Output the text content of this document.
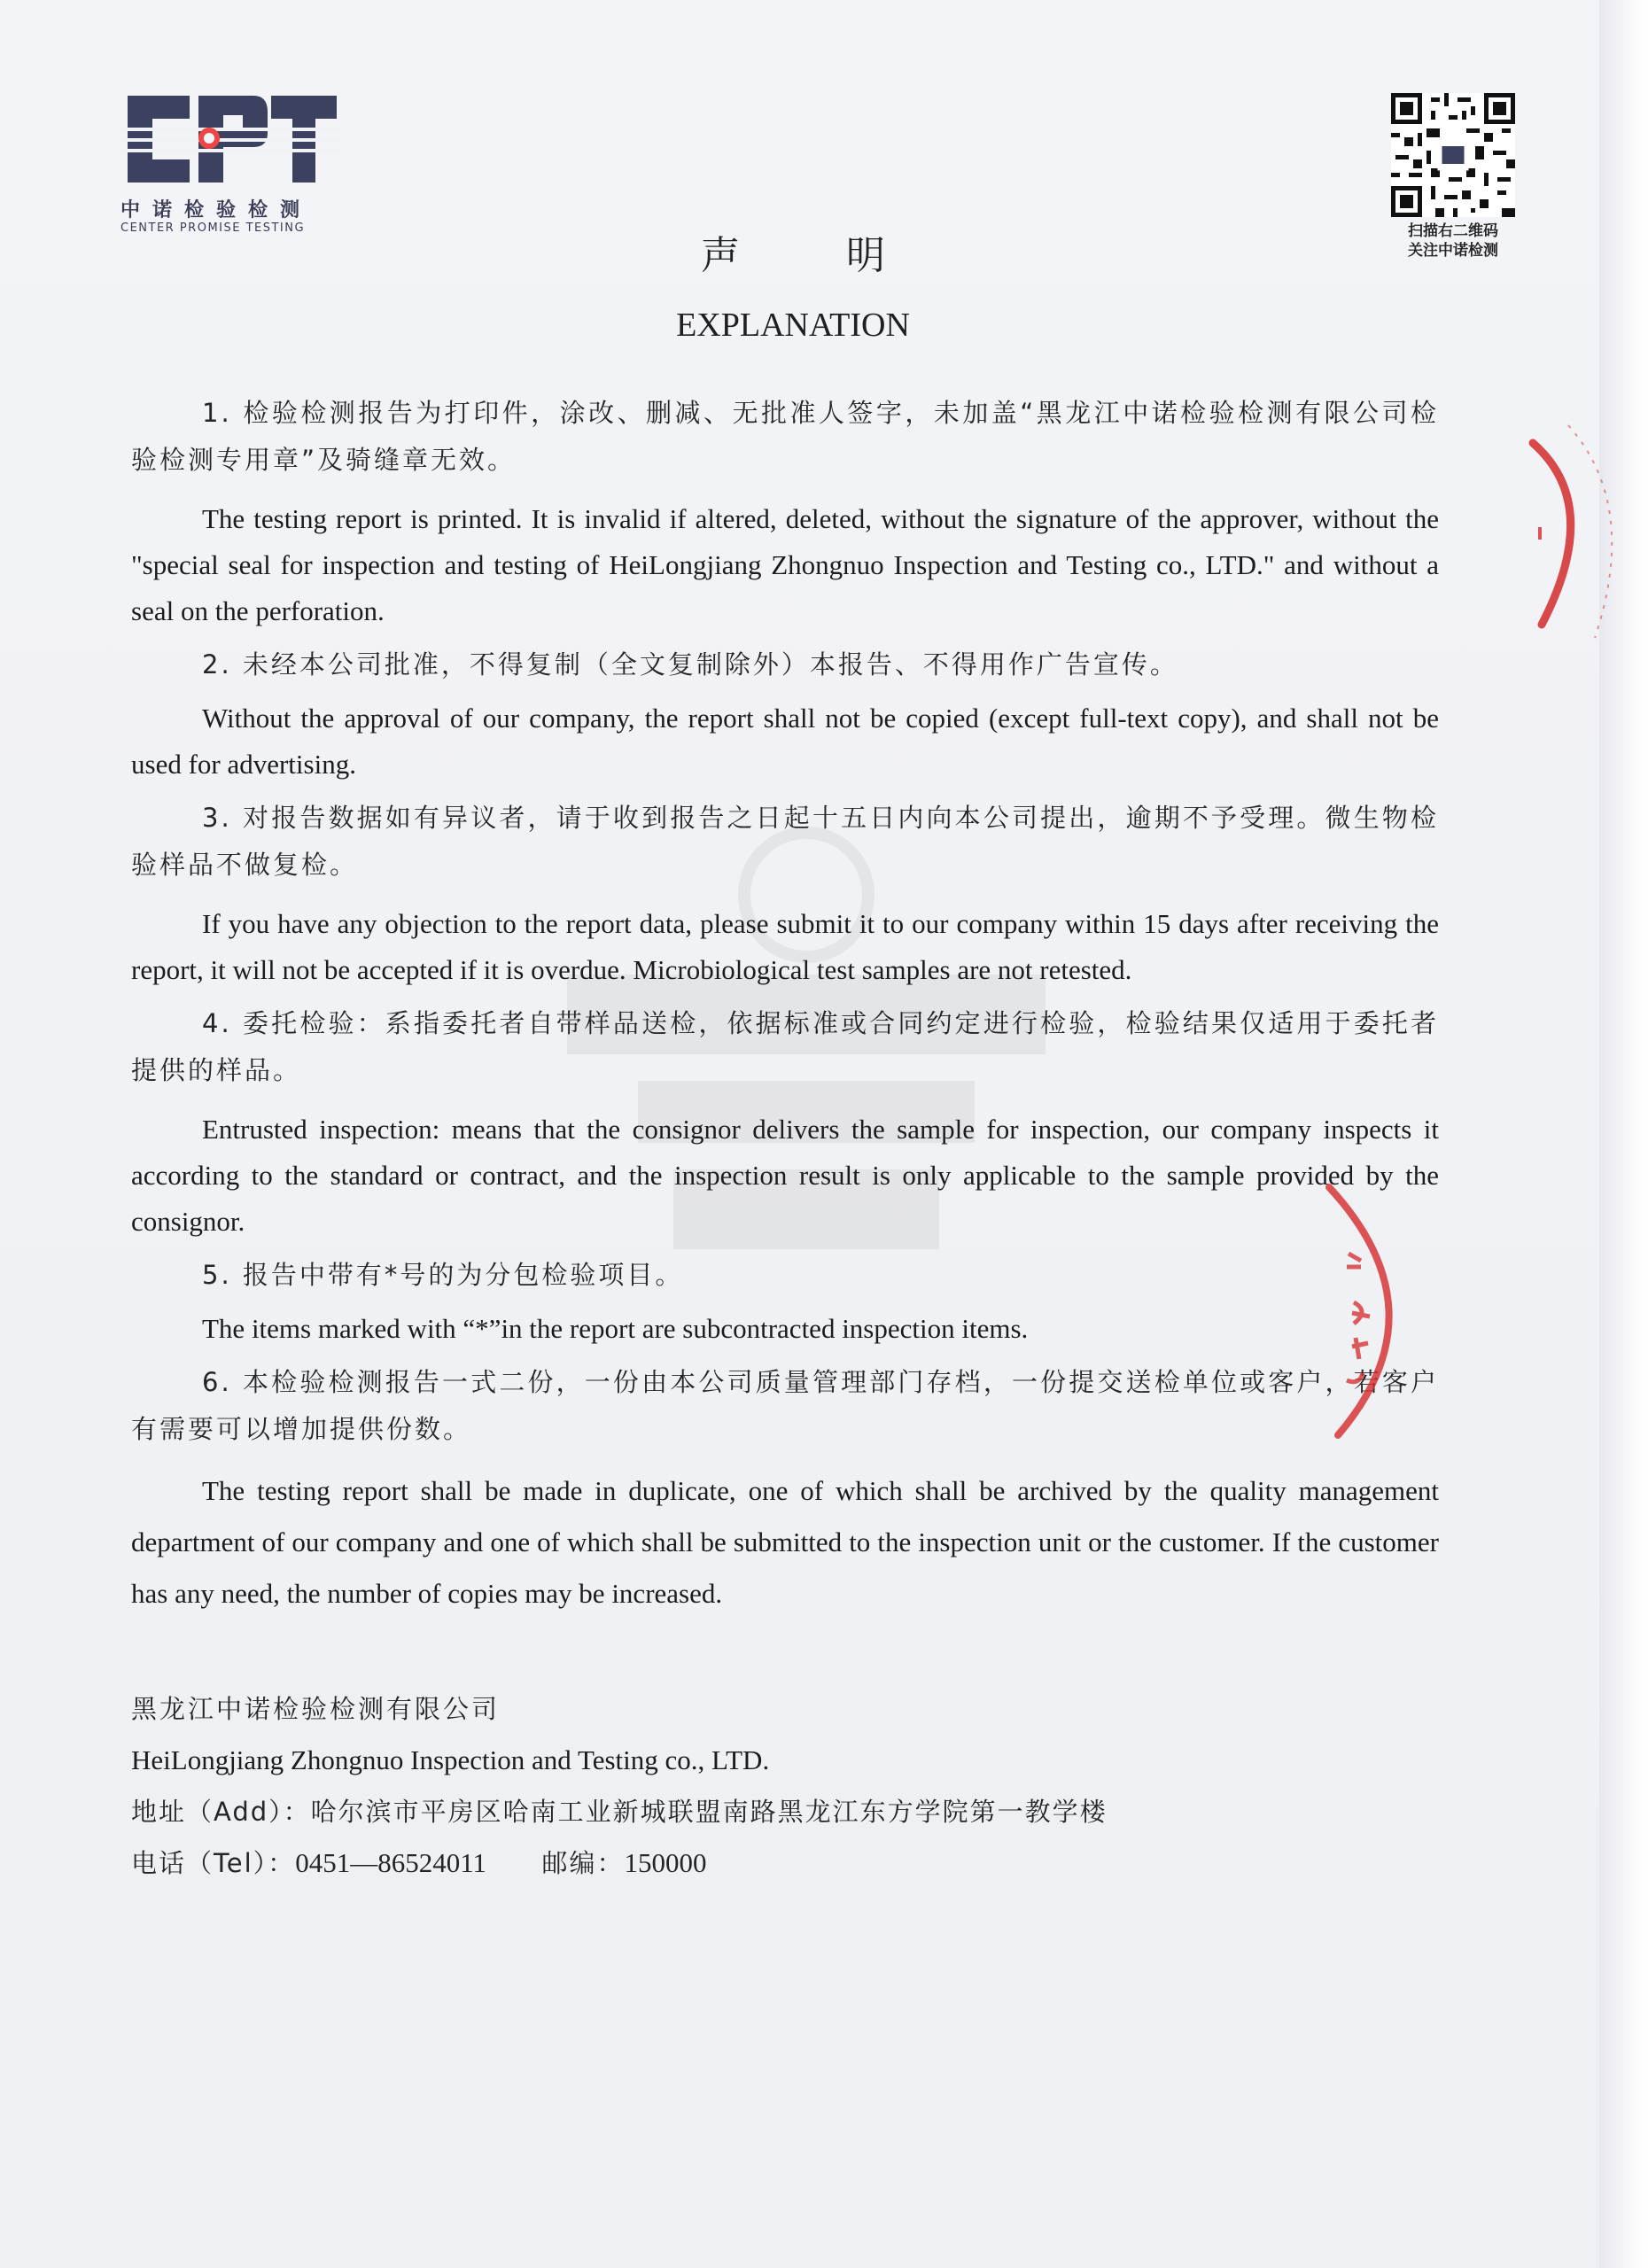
中诺检验检测
CENTER PROMISE TESTING	扫描右二维码
关注中诺检测
声明
EXPLANATION

1. 检验检测报告为打印件，涂改、删减、无批准人签字，未加盖“黑龙江中诺检验检测有限公司检验检测专用章”及骑缝章无效。

The testing report is printed. It is invalid if altered, deleted, without the signature of the approver, without the "special seal for inspection and testing of HeiLongjiang Zhongnuo Inspection and Testing co., LTD." and without a seal on the perforation.

2. 未经本公司批准，不得复制（全文复制除外）本报告、不得用作广告宣传。

Without the approval of our company, the report shall not be copied (except full-text copy), and shall not be used for advertising.

3. 对报告数据如有异议者，请于收到报告之日起十五日内向本公司提出，逾期不予受理。微生物检验样品不做复检。

If you have any objection to the report data, please submit it to our company within 15 days after receiving the report, it will not be accepted if it is overdue. Microbiological test samples are not retested.

4. 委托检验：系指委托者自带样品送检，依据标准或合同约定进行检验，检验结果仅适用于委托者提供的样品。

Entrusted inspection: means that the consignor delivers the sample for inspection, our company inspects it according to the standard or contract, and the inspection result is only applicable to the sample provided by the consignor.

5. 报告中带有*号的为分包检验项目。

The items marked with “*”in the report are subcontracted inspection items.

6. 本检验检测报告一式二份，一份由本公司质量管理部门存档，一份提交送检单位或客户，若客户有需要可以增加提供份数。

The testing report shall be made in duplicate, one of which shall be archived by the quality management department of our company and one of which shall be submitted to the inspection unit or the customer. If the customer has any need, the number of copies may be increased.

黑龙江中诺检验检测有限公司

HeiLongjiang Zhongnuo Inspection and Testing co., LTD.

地址（Add）：哈尔滨市平房区哈南工业新城联盟南路黑龙江东方学院第一教学楼

电话（Tel）：0451—86524011 邮编：150000
